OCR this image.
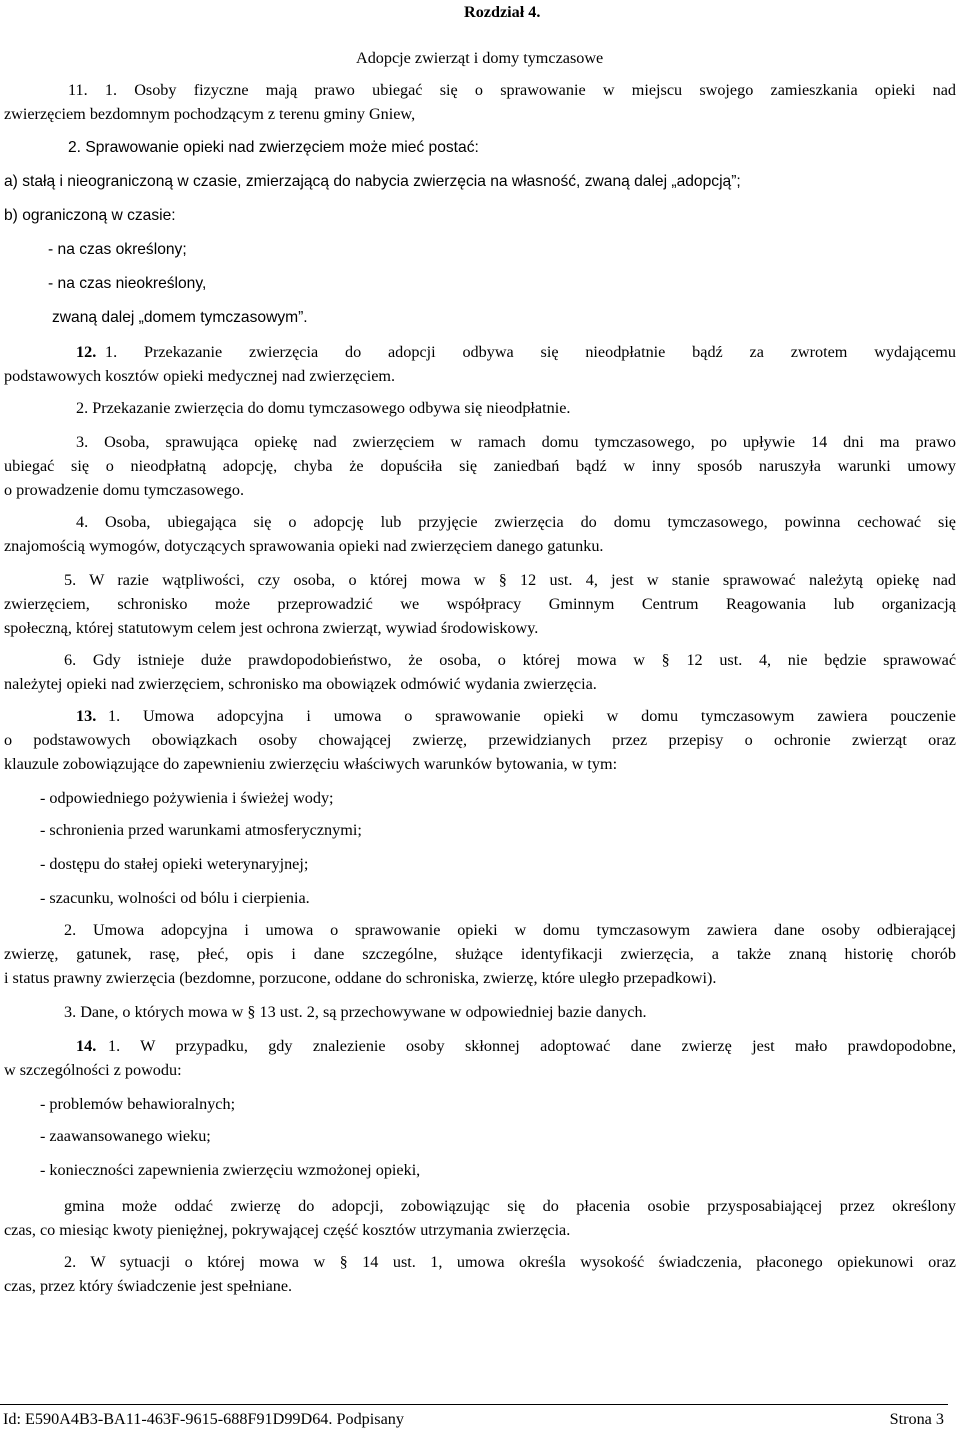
Rozdział 4.
Adopcje zwierząt i domy tymczasowe
11. 1. Osoby fizyczne mają prawo ubiegać się o sprawowanie w miejscu swojego zamieszkania opieki nad
zwierzęciem bezdomnym pochodzącym z terenu gminy Gniew,
2. Sprawowanie opieki nad zwierzęciem może mieć postać:
a) stałą i nieograniczoną w czasie, zmierzającą do nabycia zwierzęcia na własność, zwaną dalej „adopcją”;
b) ograniczoną w czasie:
- na czas określony;
- na czas nieokreślony,
zwaną dalej „domem tymczasowym”.
12. 1. Przekazanie zwierzęcia do adopcji odbywa się nieodpłatnie bądź za zwrotem wydającemu
podstawowych kosztów opieki medycznej nad zwierzęciem.
2. Przekazanie zwierzęcia do domu tymczasowego odbywa się nieodpłatnie.
3. Osoba, sprawująca opiekę nad zwierzęciem w ramach domu tymczasowego, po upływie 14 dni ma prawo
ubiegać się o nieodpłatną adopcję, chyba że dopuściła się zaniedbań bądź w inny sposób naruszyła warunki umowy
o prowadzenie domu tymczasowego.
4. Osoba, ubiegająca się o adopcję lub przyjęcie zwierzęcia do domu tymczasowego, powinna cechować się
znajomością wymogów, dotyczących sprawowania opieki nad zwierzęciem danego gatunku.
5. W razie wątpliwości, czy osoba, o której mowa w § 12 ust. 4, jest w stanie sprawować należytą opiekę nad
zwierzęciem, schronisko może przeprowadzić we współpracy Gminnym Centrum Reagowania lub organizacją
społeczną, której statutowym celem jest ochrona zwierząt, wywiad środowiskowy.
6. Gdy istnieje duże prawdopodobieństwo, że osoba, o której mowa w § 12 ust. 4, nie będzie sprawować
należytej opieki nad zwierzęciem, schronisko ma obowiązek odmówić wydania zwierzęcia.
13. 1. Umowa adopcyjna i umowa o sprawowanie opieki w domu tymczasowym zawiera pouczenie
o podstawowych obowiązkach osoby chowającej zwierzę, przewidzianych przez przepisy o ochronie zwierząt oraz
klauzule zobowiązujące do zapewnieniu zwierzęciu właściwych warunków bytowania, w tym:
- odpowiedniego pożywienia i świeżej wody;
- schronienia przed warunkami atmosferycznymi;
- dostępu do stałej opieki weterynaryjnej;
- szacunku, wolności od bólu i cierpienia.
2. Umowa adopcyjna i umowa o sprawowanie opieki w domu tymczasowym zawiera dane osoby odbierającej
zwierzę, gatunek, rasę, płeć, opis i dane szczególne, służące identyfikacji zwierzęcia, a także znaną historię chorób
i status prawny zwierzęcia (bezdomne, porzucone, oddane do schroniska, zwierzę, które uległo przepadkowi).
3. Dane, o których mowa w § 13 ust. 2, są przechowywane w odpowiedniej bazie danych.
14. 1. W przypadku, gdy znalezienie osoby skłonnej adoptować dane zwierzę jest mało prawdopodobne,
w szczególności z powodu:
- problemów behawioralnych;
- zaawansowanego wieku;
- konieczności zapewnienia zwierzęciu wzmożonej opieki,
gmina może oddać zwierzę do adopcji, zobowiązując się do płacenia osobie przysposabiającej przez określony
czas, co miesiąc kwoty pieniężnej, pokrywającej część kosztów utrzymania zwierzęcia.
2. W sytuacji o której mowa w § 14 ust. 1, umowa określa wysokość świadczenia, płaconego opiekunowi oraz
czas, przez który świadczenie jest spełniane.
Id: E590A4B3-BA11-463F-9615-688F91D99D64. Podpisany	Strona 3
